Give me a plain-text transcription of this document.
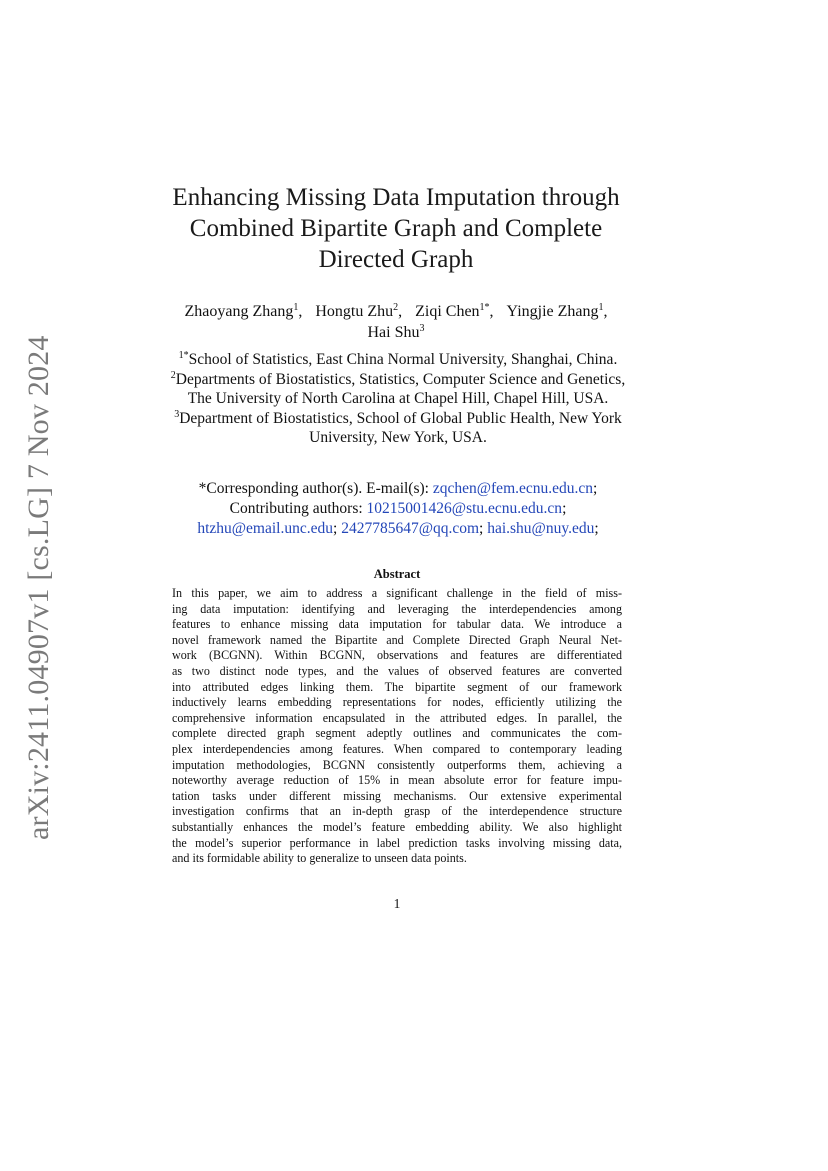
arXiv:2411.04907v1 [cs.LG] 7 Nov 2024
Enhancing Missing Data Imputation through
Combined Bipartite Graph and Complete
Directed Graph
Zhaoyang Zhang$^1$, Hongtu Zhu$^2$, Ziqi Chen$^{1*}$, Yingjie Zhang$^1$,
Hai Shu$^3$
$^{1*}$School of Statistics, East China Normal University, Shanghai, China.
$^2$Departments of Biostatistics, Statistics, Computer Science and Genetics,
The University of North Carolina at Chapel Hill, Chapel Hill, USA.
$^3$Department of Biostatistics, School of Global Public Health, New York
University, New York, USA.
*Corresponding author(s). E-mail(s): zqchen@fem.ecnu.edu.cn;
Contributing authors: 10215001426@stu.ecnu.edu.cn;
htzhu@email.unc.edu; 2427785647@qq.com; hai.shu@nuy.edu;
Abstract
In this paper, we aim to address a significant challenge in the field of miss-
ing data imputation: identifying and leveraging the interdependencies among
features to enhance missing data imputation for tabular data. We introduce a
novel framework named the Bipartite and Complete Directed Graph Neural Net-
work (BCGNN). Within BCGNN, observations and features are differentiated
as two distinct node types, and the values of observed features are converted
into attributed edges linking them. The bipartite segment of our framework
inductively learns embedding representations for nodes, efficiently utilizing the
comprehensive information encapsulated in the attributed edges. In parallel, the
complete directed graph segment adeptly outlines and communicates the com-
plex interdependencies among features. When compared to contemporary leading
imputation methodologies, BCGNN consistently outperforms them, achieving a
noteworthy average reduction of 15% in mean absolute error for feature impu-
tation tasks under different missing mechanisms. Our extensive experimental
investigation confirms that an in-depth grasp of the interdependence structure
substantially enhances the model’s feature embedding ability. We also highlight
the model’s superior performance in label prediction tasks involving missing data,
and its formidable ability to generalize to unseen data points.
1
